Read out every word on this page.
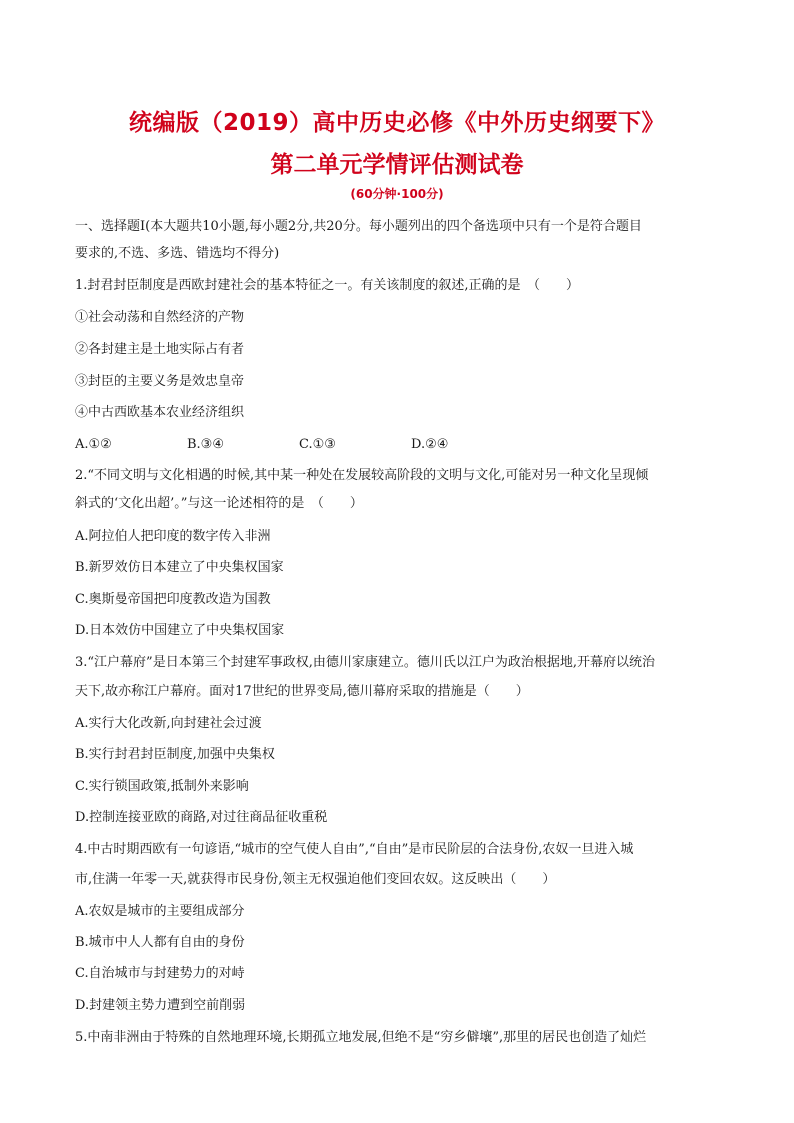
统编版（2019）高中历史必修《中外历史纲要下》
第二单元学情评估测试卷
(60分钟·100分)
一、选择题Ⅰ(本大题共10小题,每小题2分,共20分。每小题列出的四个备选项中只有一个是符合题目
要求的,不选、多选、错选均不得分)
1.封君封臣制度是西欧封建社会的基本特征之一。有关该制度的叙述,正确的是　（　　）
①社会动荡和自然经济的产物
②各封建主是土地实际占有者
③封臣的主要义务是效忠皇帝
④中古西欧基本农业经济组织
A.①②	B.③④	C.①③	D.②④
2.“不同文明与文化相遇的时候,其中某一种处在发展较高阶段的文明与文化,可能对另一种文化呈现倾
斜式的‘文化出超’。”与这一论述相符的是　（　　）
A.阿拉伯人把印度的数字传入非洲
B.新罗效仿日本建立了中央集权国家
C.奥斯曼帝国把印度教改造为国教
D.日本效仿中国建立了中央集权国家
3.“江户幕府”是日本第三个封建军事政权,由德川家康建立。德川氏以江户为政治根据地,开幕府以统治
天下,故亦称江户幕府。面对17世纪的世界变局,德川幕府采取的措施是（　　）
A.实行大化改新,向封建社会过渡
B.实行封君封臣制度,加强中央集权
C.实行锁国政策,抵制外来影响
D.控制连接亚欧的商路,对过往商品征收重税
4.中古时期西欧有一句谚语,“城市的空气使人自由”,“自由”是市民阶层的合法身份,农奴一旦进入城
市,住满一年零一天,就获得市民身份,领主无权强迫他们变回农奴。这反映出（　　）
A.农奴是城市的主要组成部分
B.城市中人人都有自由的身份
C.自治城市与封建势力的对峙
D.封建领主势力遭到空前削弱
5.中南非洲由于特殊的自然地理环境,长期孤立地发展,但绝不是“穷乡僻壤”,那里的居民也创造了灿烂
